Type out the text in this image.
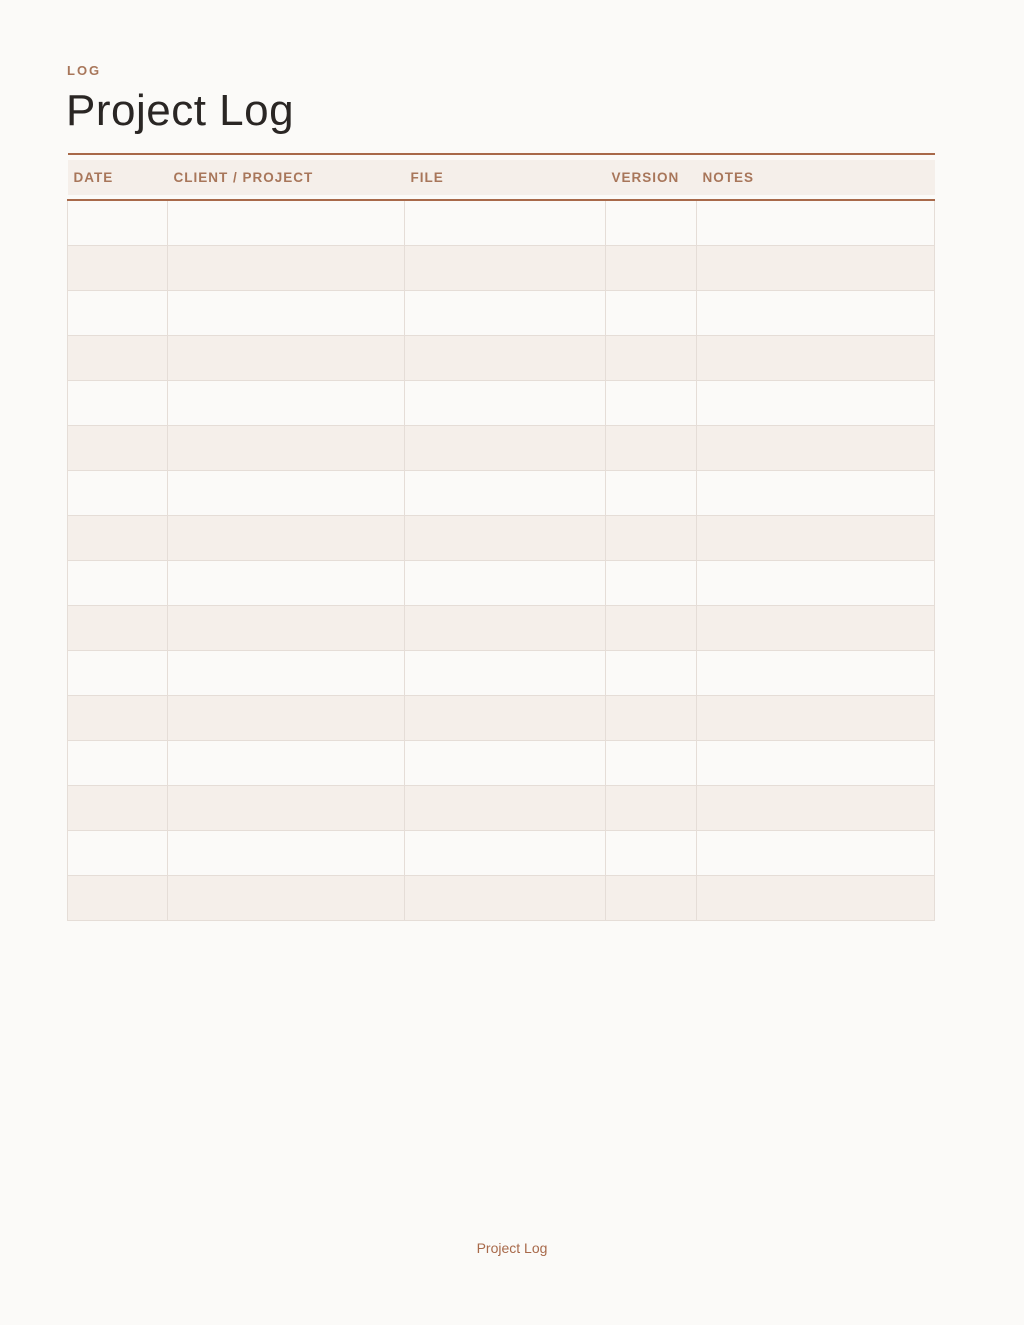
LOG
Project Log
DATE	CLIENT / PROJECT	FILE	VERSION	NOTES

Project Log
